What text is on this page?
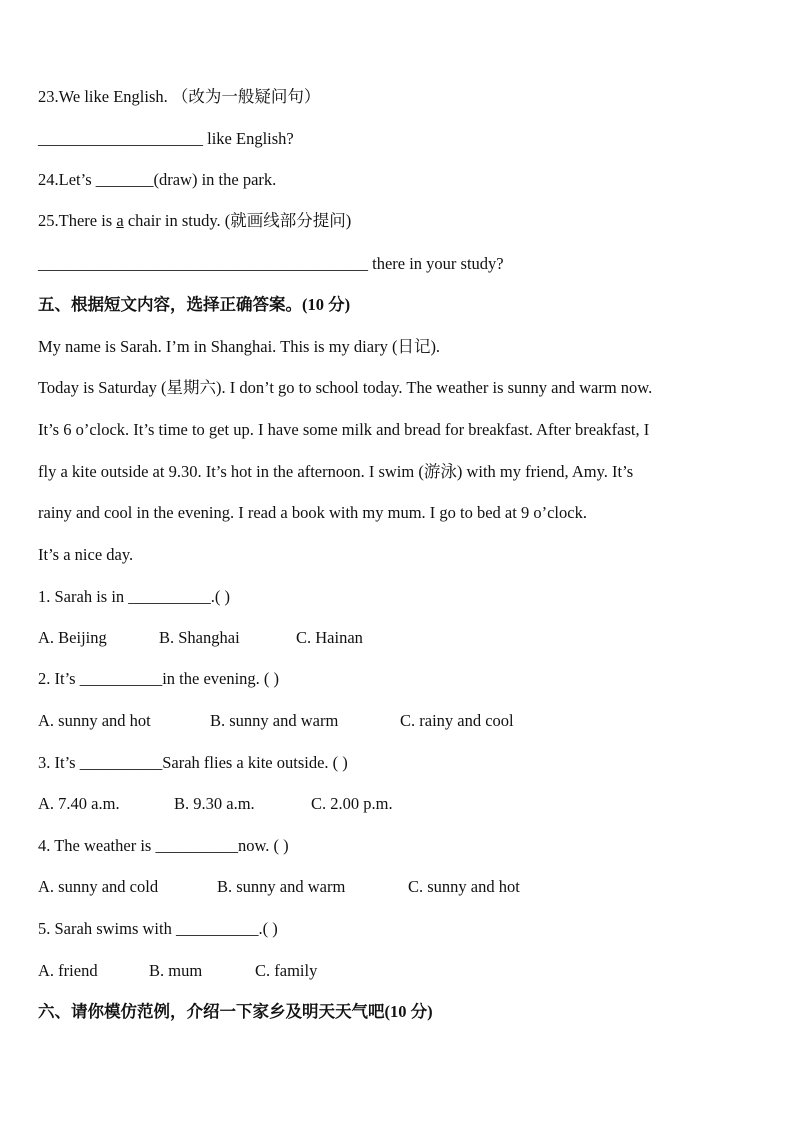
23.We like English. （改为一般疑问句）
____________________ like English?
24.Let’s _______(draw) in the park.
25.There is a chair in study. (就画线部分提问)
________________________________________ there in your study?
五、根据短文内容，选择正确答案。(10 分)
My name is Sarah. I’m in Shanghai. This is my diary (日记).
Today is Saturday (星期六). I don’t go to school today. The weather is sunny and warm now.
It’s 6 o’clock. It’s time to get up. I have some milk and bread for breakfast. After breakfast, I
fly a kite outside at 9.30. It’s hot in the afternoon. I swim (游泳) with my friend, Amy. It’s
rainy and cool in the evening. I read a book with my mum. I go to bed at 9 o’clock.
It’s a nice day.
1. Sarah is in __________.( )
A. Beijing	B. Shanghai	C. Hainan
2. It’s __________in the evening. ( )
A. sunny and hot	B. sunny and warm	C. rainy and cool
3. It’s __________Sarah flies a kite outside. ( )
A. 7.40 a.m.	B. 9.30 a.m.	C. 2.00 p.m.
4. The weather is __________now. ( )
A. sunny and cold	B. sunny and warm	C. sunny and hot
5. Sarah swims with __________.( )
A. friend	B. mum	C. family
六、请你模仿范例，介绍一下家乡及明天天气吧(10 分)
